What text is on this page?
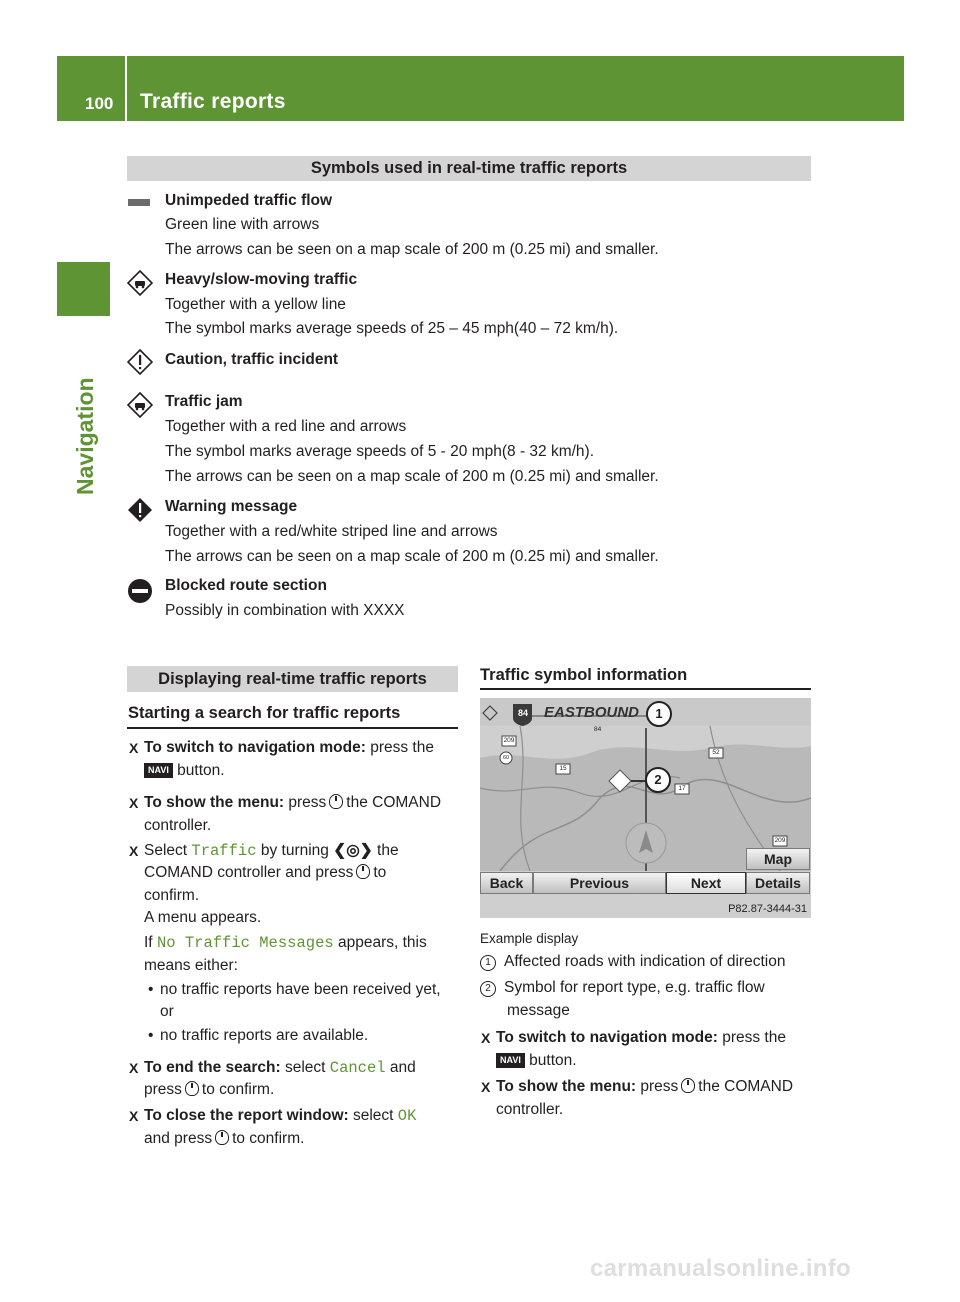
100 Traffic reports
Navigation
Symbols used in real-time traffic reports
Unimpeded traffic flow
Green line with arrows
The arrows can be seen on a map scale of 200 m (0.25 mi) and smaller.
Heavy/slow-moving traffic
Together with a yellow line
The symbol marks average speeds of 25 – 45 mph(40 – 72 km/h).
Caution, traffic incident
Traffic jam
Together with a red line and arrows
The symbol marks average speeds of 5 - 20 mph(8 - 32 km/h).
The arrows can be seen on a map scale of 200 m (0.25 mi) and smaller.
Warning message
Together with a red/white striped line and arrows
The arrows can be seen on a map scale of 200 m (0.25 mi) and smaller.
Blocked route section
Possibly in combination with XXXX
Displaying real-time traffic reports
Starting a search for traffic reports
X To switch to navigation mode: press the
NAVI button.
X To show the menu: press the COMAND
controller.
X Select Traffic by turning ❮◎❯ the
COMAND controller and press to
confirm.
A menu appears.
If No Traffic Messages appears, this
means either:
• no traffic reports have been received yet,
or
• no traffic reports are available.
X To end the search: select Cancel and
press to confirm.
X To close the report window: select OK
and press to confirm.
Traffic symbol information
84 EASTBOUND	1
2
209
84
52
15
17
60
209
Map
Back	Previous	Next	Details
P82.87-3444-31
Example display
1 Affected roads with indication of direction
2 Symbol for report type, e.g. traffic flow
message
X To switch to navigation mode: press the
NAVI button.
X To show the menu: press the COMAND
controller.
carmanualsonline.info
